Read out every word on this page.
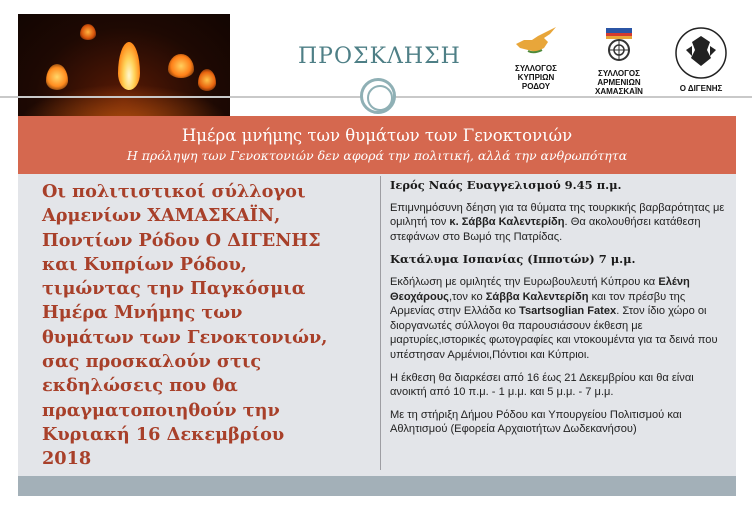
ΠΡΟΣΚΛΗΣΗ	ΣΥΛΛΟΓΟΣ ΚΥΠΡΙΩΝ
ΡΟΔΟΥ
ΣΥΛΛΟΓΟΣ ΑΡΜΕΝΙΩΝ
ΧΑΜΑΣΚΑΪΝ	Ο ΔΙΓΕΝΗΣ
Ημέρα μνήμης των θυμάτων των Γενοκτονιών
Η πρόληψη των Γενοκτονιών δεν αφορά την πολιτική, αλλά την ανθρωπότητα
Οι πολιτιστικοί σύλλογοι
Αρμενίων ΧΑΜΑΣΚΑΪΝ,
Ποντίων Ρόδου Ο ΔΙΓΕΝΗΣ
και Κυπρίων Ρόδου,
τιμώντας την Παγκόσμια
Ημέρα Μνήμης των
θυμάτων των Γενοκτονιών,
σας προσκαλούν στις
εκδηλώσεις που θα
πραγματοποιηθούν την
Κυριακή 16 Δεκεμβρίου
2018
Ιερός Ναός Ευαγγελισμού 9.45 π.μ.
Επιμνημόσυνη δέηση για τα θύματα της τουρκικής βαρβαρότητας με ομιλητή τον κ. Σάββα Καλεντερίδη. Θα ακολουθήσει κατάθεση στεφάνων στο Βωμό της Πατρίδας.
Κατάλυμα Ισπανίας (Ιπποτών) 7 μ.μ.
Εκδήλωση με ομιλητές την Ευρωβουλευτή Κύπρου κα Ελένη Θεοχάρους,τον κο Σάββα Καλεντερίδη και τον πρέσβυ της Αρμενίας στην Ελλάδα κο Tsartsoglian Fatex. Στον ίδιο χώρο οι διοργανωτές σύλλογοι θα παρουσιάσουν έκθεση με μαρτυρίες,ιστορικές φωτογραφίες και ντοκουμέντα για τα δεινά που υπέστησαν Αρμένιοι,Πόντιοι και Κύπριοι.
Η έκθεση θα διαρκέσει από 16 έως 21 Δεκεμβρίου και θα είναι ανοικτή από 10 π.μ. - 1 μ.μ. και 5 μ.μ. - 7 μ.μ.
Με τη στήριξη Δήμου Ρόδου και Υπουργείου Πολιτισμού και Αθλητισμού (Εφορεία Αρχαιοτήτων Δωδεκανήσου)
